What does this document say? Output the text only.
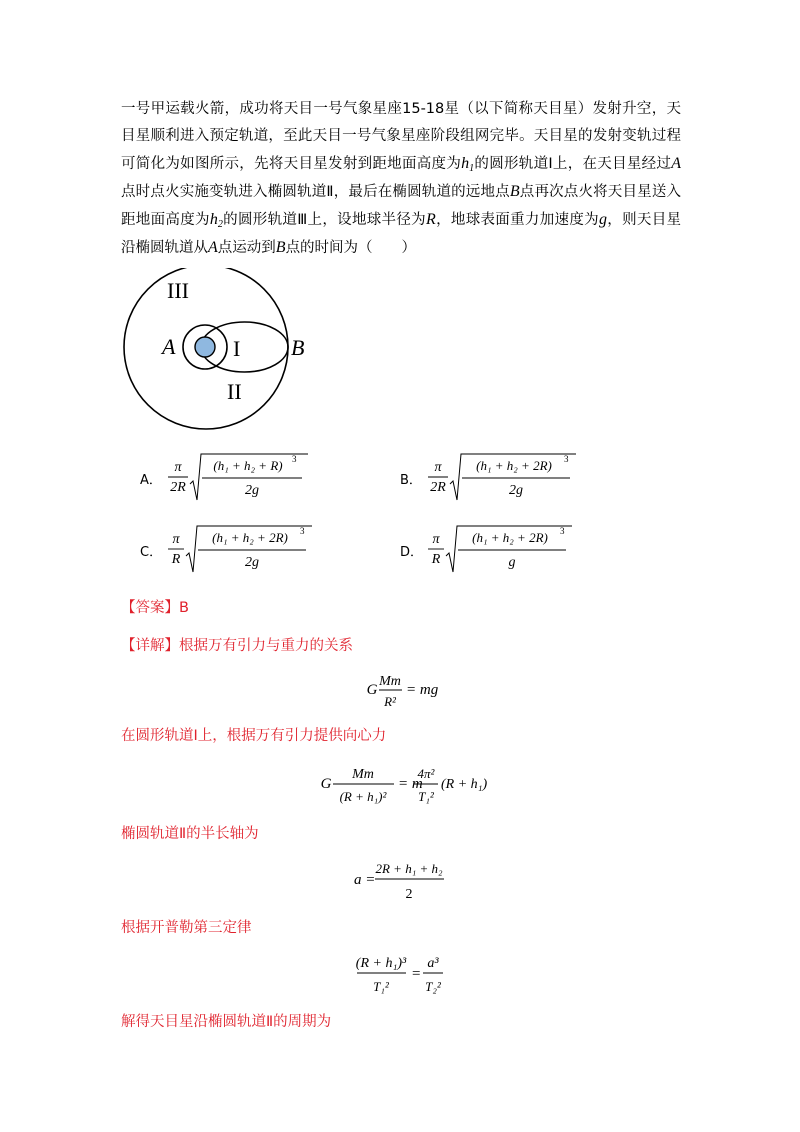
一号甲运载火箭，成功将天目一号气象星座15-18星（以下简称天目星）发射升空，天目星顺利进入预定轨道，至此天目一号气象星座阶段组网完毕。天目星的发射变轨过程可简化为如图所示，先将天目星发射到距地面高度为$h_1$的圆形轨道Ⅰ上，在天目星经过A点时点火实施变轨进入椭圆轨道Ⅱ，最后在椭圆轨道的远地点B点再次点火将天目星送入距地面高度为$h_2$的圆形轨道Ⅲ上，设地球半径为R，地球表面重力加速度为g，则天目星沿椭圆轨道从A点运动到B点的时间为（　　）
III
I
II
A	B
A．
π
2R
(h₁ + h₂ + R) 3
2g
B．
π
2R
(h₁ + h₂ + 2R) 3
2g
C．
π
R
(h₁ + h₂ + 2R) 3
2g
D．
π
R
(h₁ + h₂ + 2R) 3
g
【答案】B
【详解】根据万有引力与重力的关系
G
Mm
R²
= mg
在圆形轨道Ⅰ上，根据万有引力提供向心力
G
Mm
(R + h₁)²
= m
4π²
T₁²
(R + h₁)
椭圆轨道Ⅱ的半长轴为
a =
2R + h₁ + h₂
2
根据开普勒第三定律
(R + h₁)³
T₁²
=
a³
T₂²
解得天目星沿椭圆轨道Ⅱ的周期为
